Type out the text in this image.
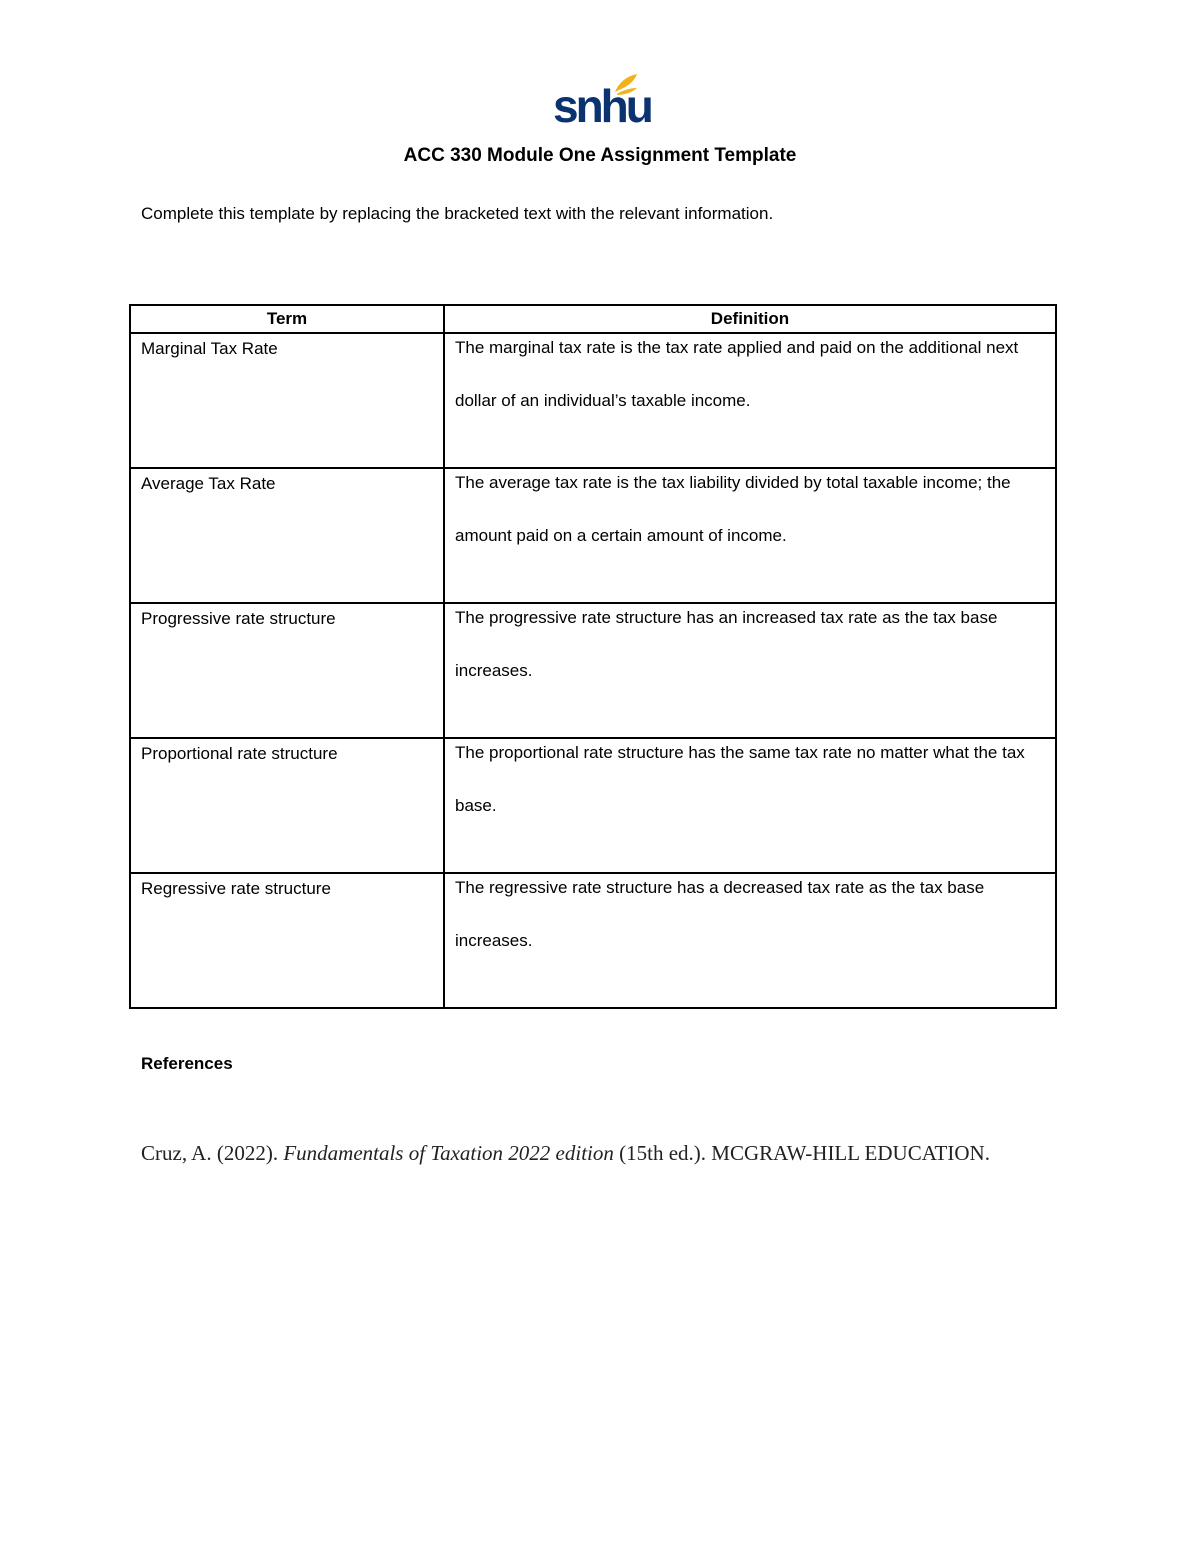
snhu
ACC 330 Module One Assignment Template
Complete this template by replacing the bracketed text with the relevant information.
Term	Definition
Marginal Tax Rate	The marginal tax rate is the tax rate applied and paid on the additional next dollar of an individual’s taxable income.

Average Tax Rate	The average tax rate is the tax liability divided by total taxable income; the amount paid on a certain amount of income.

Progressive rate structure	The progressive rate structure has an increased tax rate as the tax base increases.

Proportional rate structure	The proportional rate structure has the same tax rate no matter what the tax base.

Regressive rate structure	The regressive rate structure has a decreased tax rate as the tax base increases.
References
Cruz, A. (2022). Fundamentals of Taxation 2022 edition (15th ed.). MCGRAW-HILL EDUCATION.
